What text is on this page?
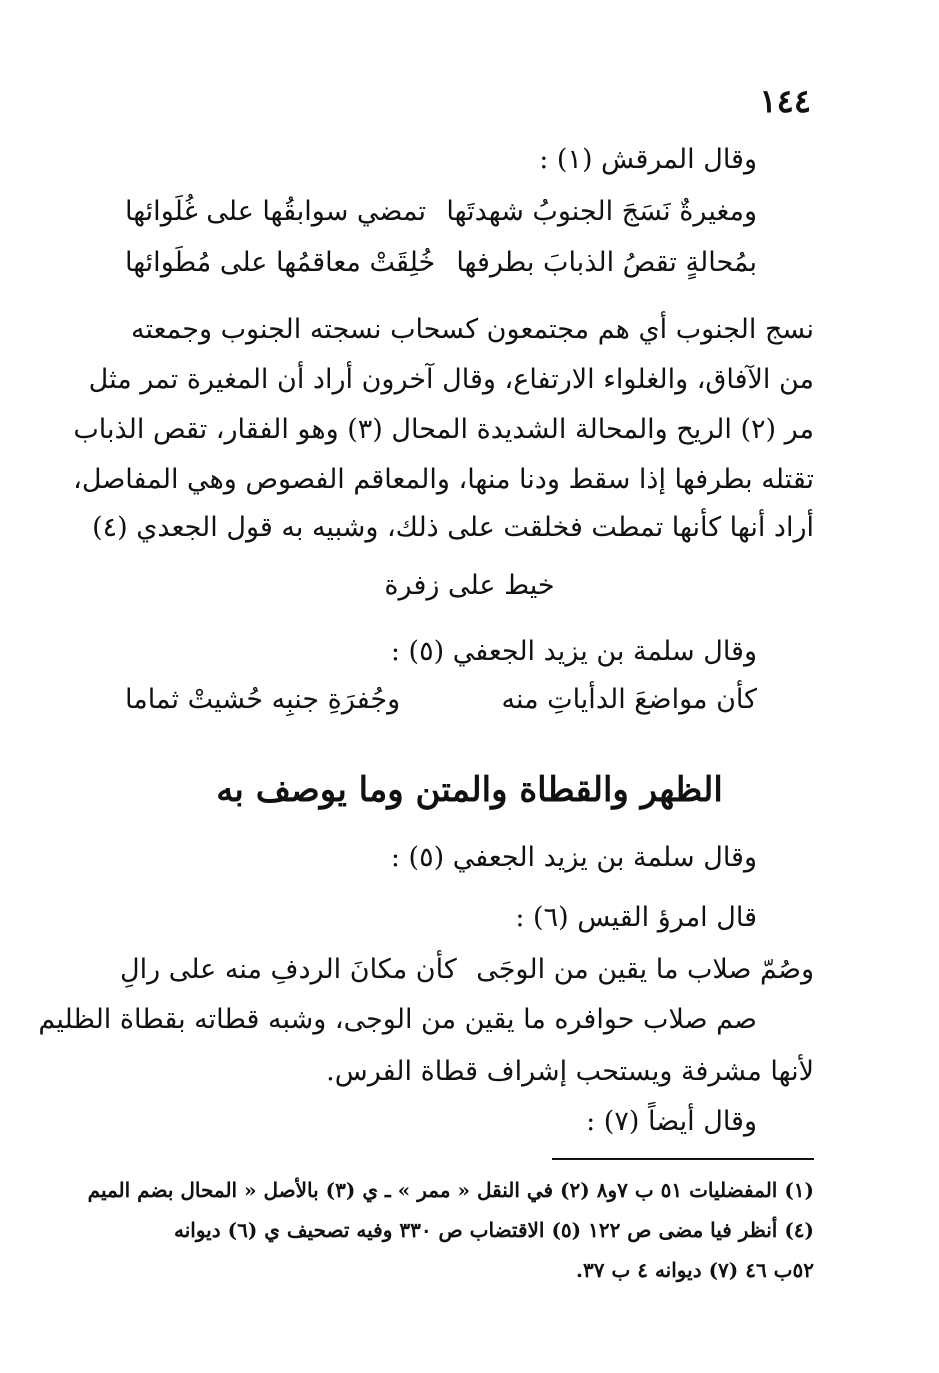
١٤٤
وقال المرقش (١) :
ومغيرةٌ نَسَجَ الجنوبُ شهدتَها
تمضي سوابقُها على غُلَوائها
بمُحالةٍ تقصُ الذبابَ بطرفها
خُلِقَتْ معاقمُها على مُطَوائها
نسج الجنوب أي هم مجتمعون كسحاب نسجته الجنوب وجمعته
من الآفاق، والغلواء الارتفاع، وقال آخرون أراد أن المغيرة تمر مثل
مر (٢) الريح والمحالة الشديدة المحال (٣) وهو الفقار، تقص الذباب
تقتله بطرفها إذا سقط ودنا منها، والمعاقم الفصوص وهي المفاصل،
أراد أنها كأنها تمطت فخلقت على ذلك، وشبيه به قول الجعدي (٤)
خيط على زفرة
وقال سلمة بن يزيد الجعفي (٥) :
كأن مواضعَ الدأياتِ منه
وجُفرَةِ جنبِه حُشيتْ ثماما
الظهر والقطاة والمتن وما يوصف به
وقال سلمة بن يزيد الجعفي (٥) :
قال امرؤ القيس (٦) :
وصُمّ صلاب ما يقين من الوجَى
كأن مكانَ الردفِ منه على رالِ
صم صلاب حوافره ما يقين من الوجى، وشبه قطاته بقطاة الظليم
لأنها مشرفة ويستحب إشراف قطاة الفرس.
وقال أيضاً (٧) :
(١) المفضليات ٥١ ب ٧و٨ (٢) في النقل « ممر » ـ ي (٣) بالأصل « المحال بضم الميم
(٤) أنظر فيا مضى ص ١٢٢ (٥) الاقتضاب ص ٣٣٠ وفيه تصحيف ي (٦) ديوانه
٥٢ب ٤٦ (٧) ديوانه ٤ ب ٣٧.
